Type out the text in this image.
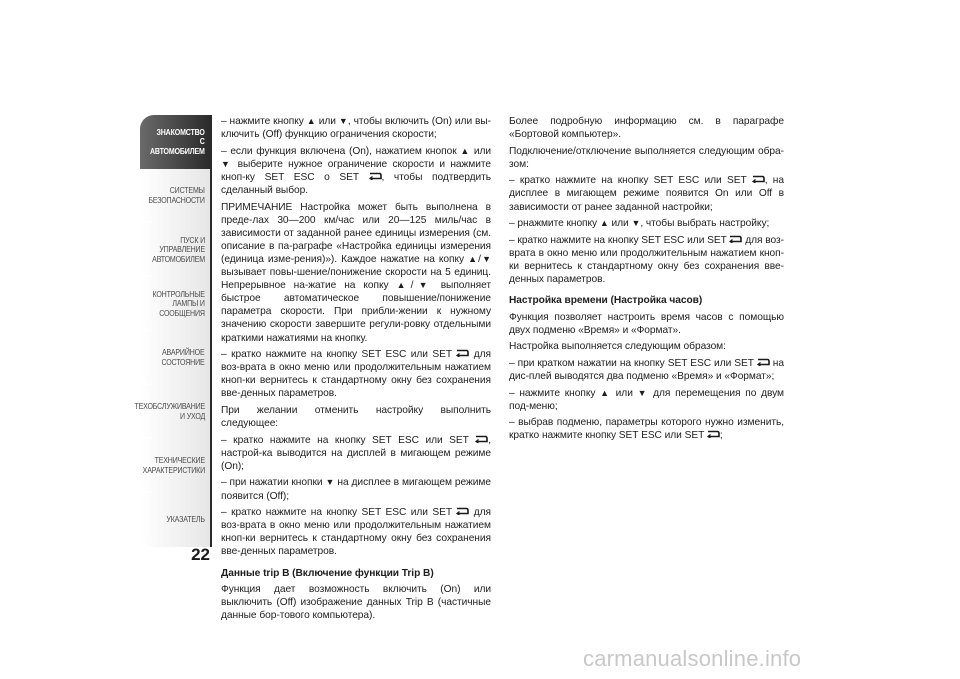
ЗНАКОМСТВО С
АВТОМОБИЛЕМ
СИСТЕМЫ
БЕЗОПАСНОСТИ
ПУСК И УПРАВЛЕНИЕ
АВТОМОБИЛЕМ
КОНТРОЛЬНЫЕ
ЛАМПЫ И
СООБЩЕНИЯ
АВАРИЙНОЕ
СОСТОЯНИЕ
ТЕХОБСЛУЖИВАНИЕ
И УХОД
ТЕХНИЧЕСКИЕ
ХАРАКТЕРИСТИКИ
УКАЗАТЕЛЬ
22

– нажмите кнопку ▲ или ▼, чтобы включить (On) или вы-ключить (Off) функцию ограничения скорости;

– если функция включена (On), нажатием кнопок ▲ или ▼ выберите нужное ограничение скорости и нажмите кноп-ку SET ESC о SET , чтобы подтвердить сделанный выбор.

ПРИМЕЧАНИЕ Настройка может быть выполнена в преде-лах 30—200 км/час или 20—125 миль/час в зависимости от заданной ранее единицы измерения (см. описание в па-раграфе «Настройка единицы измерения (единица изме-рения)»). Каждое нажатие на копку ▲/▼ вызывает повы-шение/понижение скорости на 5 единиц. Непрерывное на-жатие на копку ▲/▼ выполняет быстрое автоматическое повышение/понижение параметра скорости. При прибли-жении к нужному значению скорости завершите регули-ровку отдельными краткими нажатиями на кнопку.

– кратко нажмите на кнопку SET ESC или SET  для воз-врата в окно меню или продолжительным нажатием кноп-ки вернитесь к стандартному окну без сохранения вве-денных параметров.

При желании отменить настройку выполнить следующее:

– кратко нажмите на кнопку SET ESC или SET , настрой-ка выводится на дисплей в мигающем режиме (On);

– при нажатии кнопки ▼ на дисплее в мигающем режиме появится (Off);

– кратко нажмите на кнопку SET ESC или SET  для воз-врата в окно меню или продолжительным нажатием кноп-ки вернитесь к стандартному окну без сохранения вве-денных параметров.

Данные trip B (Включение функции Trip B)

Функция дает возможность включить (On) или выключить (Off) изображение данных Trip B (частичные данные бор-тового компьютера).

Более подробную информацию см. в параграфе «Бортовой компьютер».

Подключение/отключение выполняется следующим обра-зом:

– кратко нажмите на кнопку SET ESC или SET , на дисплее в мигающем режиме появится On или Off в зависимости от ранее заданной настройки;

– рнажмите кнопку ▲ или ▼, чтобы выбрать настройку;

– кратко нажмите на кнопку SET ESC или SET  для воз-врата в окно меню или продолжительным нажатием кноп-ки вернитесь к стандартному окну без сохранения вве-денных параметров.

Настройка времени (Настройка часов)

Функция позволяет настроить время часов с помощью двух подменю «Время» и «Формат».

Настройка выполняется следующим образом:

– при кратком нажатии на кнопку SET ESC или SET  на дис-плей выводятся два подменю «Время» и «Формат»;

– нажмите кнопку ▲ или ▼ для перемещения по двум под-меню;

– выбрав подменю, параметры которого нужно изменить, кратко нажмите кнопку SET ESC или SET ;

carmanualsonline.info
